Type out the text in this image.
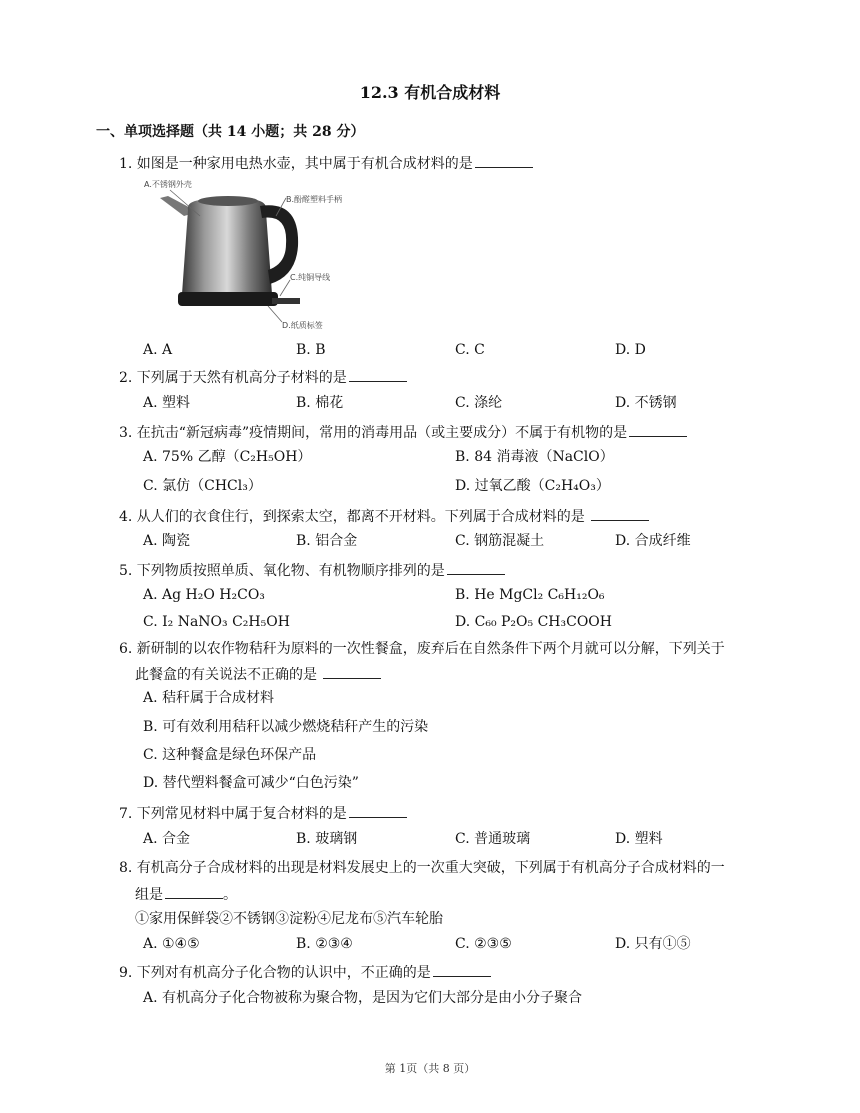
12.3 有机合成材料
一、单项选择题（共 14 小题；共 28 分）
1. 如图是一种家用电热水壶，其中属于有机合成材料的是
A.不锈钢外壳
B.酚醛塑料手柄
C.纯铜导线
D.纸质标签
A. A	B. B	C. C	D. D
2. 下列属于天然有机高分子材料的是
A. 塑料	B. 棉花	C. 涤纶	D. 不锈钢
3. 在抗击“新冠病毒”疫情期间，常用的消毒用品（或主要成分）不属于有机物的是
A. 75% 乙醇（C₂H₅OH）	B. 84 消毒液（NaClO）
C. 氯仿（CHCl₃）	D. 过氧乙酸（C₂H₄O₃）
4. 从人们的衣食住行，到探索太空，都离不开材料。下列属于合成材料的是
A. 陶瓷	B. 铝合金	C. 钢筋混凝土	D. 合成纤维
5. 下列物质按照单质、氧化物、有机物顺序排列的是
A. Ag H₂O H₂CO₃	B. He MgCl₂ C₆H₁₂O₆
C. I₂ NaNO₃ C₂H₅OH	D. C₆₀ P₂O₅ CH₃COOH
6. 新研制的以农作物秸秆为原料的一次性餐盒，废弃后在自然条件下两个月就可以分解，下列关于
此餐盒的有关说法不正确的是
A. 秸秆属于合成材料
B. 可有效利用秸秆以减少燃烧秸秆产生的污染
C. 这种餐盒是绿色环保产品
D. 替代塑料餐盒可减少“白色污染”
7. 下列常见材料中属于复合材料的是
A. 合金	B. 玻璃钢	C. 普通玻璃	D. 塑料
8. 有机高分子合成材料的出现是材料发展史上的一次重大突破，下列属于有机高分子合成材料的一
组是	。
①家用保鲜袋②不锈钢③淀粉④尼龙布⑤汽车轮胎
A. ①④⑤	B. ②③④	C. ②③⑤	D. 只有①⑤
9. 下列对有机高分子化合物的认识中，不正确的是
A. 有机高分子化合物被称为聚合物，是因为它们大部分是由小分子聚合
第 1页（共 8 页）
